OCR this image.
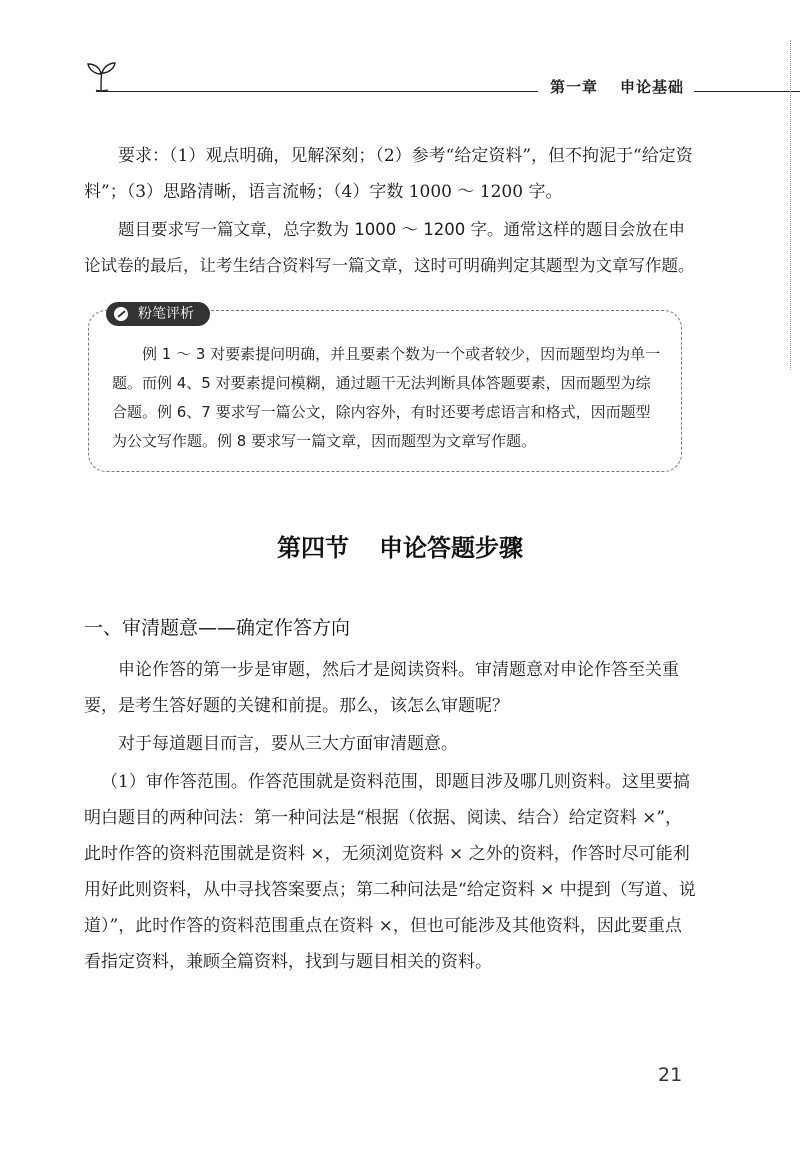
第一章 申论基础

要求：（1）观点明确，见解深刻；（2）参考“给定资料”，但不拘泥于“给定资料”；（3）思路清晰，语言流畅；（4）字数 1000 ～ 1200 字。

题目要求写一篇文章，总字数为 1000 ～ 1200 字。通常这样的题目会放在申论试卷的最后，让考生结合资料写一篇文章，这时可明确判定其题型为文章写作题。

粉笔评析

例 1 ～ 3 对要素提问明确，并且要素个数为一个或者较少，因而题型均为单一题。而例 4、5 对要素提问模糊，通过题干无法判断具体答题要素，因而题型为综合题。例 6、7 要求写一篇公文，除内容外，有时还要考虑语言和格式，因而题型为公文写作题。例 8 要求写一篇文章，因而题型为文章写作题。

第四节 申论答题步骤
一、审清题意——确定作答方向

申论作答的第一步是审题，然后才是阅读资料。审清题意对申论作答至关重要，是考生答好题的关键和前提。那么，该怎么审题呢？

对于每道题目而言，要从三大方面审清题意。

（1）审作答范围。作答范围就是资料范围，即题目涉及哪几则资料。这里要搞明白题目的两种问法：第一种问法是“根据（依据、阅读、结合）给定资料 ×”，此时作答的资料范围就是资料 ×，无须浏览资料 × 之外的资料，作答时尽可能利用好此则资料，从中寻找答案要点；第二种问法是“给定资料 × 中提到（写道、说道）”，此时作答的资料范围重点在资料 ×，但也可能涉及其他资料，因此要重点看指定资料，兼顾全篇资料，找到与题目相关的资料。

21
